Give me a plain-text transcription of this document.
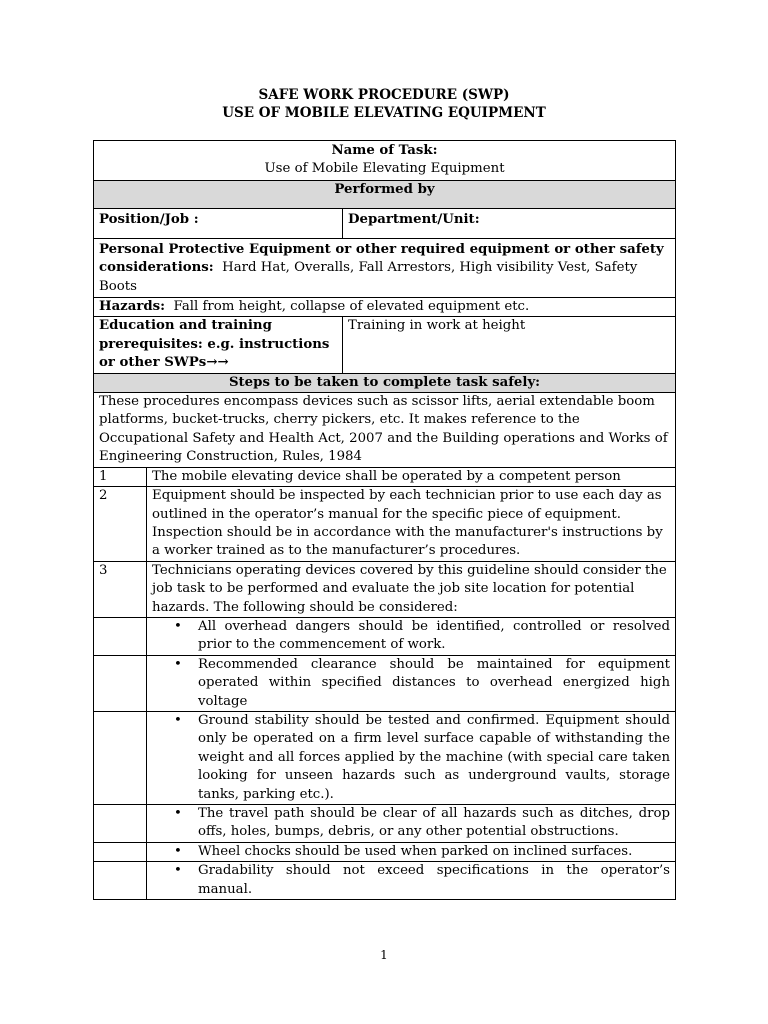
SAFE WORK PROCEDURE (SWP)
USE OF MOBILE ELEVATING EQUIPMENT
Name of Task:
Use of Mobile Elevating Equipment		

Performed by		
Position/Job :		Department/Unit:
Personal Protective Equipment or other required equipment or other safety considerations: Hard Hat, Overalls, Fall Arrestors, High visibility Vest, Safety Boots		
Hazards: Fall from height, collapse of elevated equipment etc.		
Education and training prerequisites: e.g. instructions or other SWPs→→		Training in work at height
Steps to be taken to complete task safely:		
These procedures encompass devices such as scissor lifts, aerial extendable boom platforms, bucket-trucks, cherry pickers, etc. It makes reference to the Occupational Safety and Health Act, 2007 and the Building operations and Works of Engineering Construction, Rules, 1984		
1	The mobile elevating device shall be operated by a competent person	
2	Equipment should be inspected by each technician prior to use each day as outlined in the operator’s manual for the specific piece of equipment. Inspection should be in accordance with the manufacturer's instructions by a worker trained as to the manufacturer’s procedures.	
3	Technicians operating devices covered by this guideline should consider the job task to be performed and evaluate the job site location for potential hazards. The following should be considered:	

	• All overhead dangers should be identified, controlled or resolved prior to the commencement of work.	

	• Recommended clearance should be maintained for equipment operated within specified distances to overhead energized high voltage	

	• Ground stability should be tested and confirmed. Equipment should only be operated on a firm level surface capable of withstanding the weight and all forces applied by the machine (with special care taken looking for unseen hazards such as underground vaults, storage tanks, parking etc.).	

	• The travel path should be clear of all hazards such as ditches, drop offs, holes, bumps, debris, or any other potential obstructions.	

	• Wheel chocks should be used when parked on inclined surfaces.	

	• Gradability should not exceed specifications in the operator’s manual.	
1
